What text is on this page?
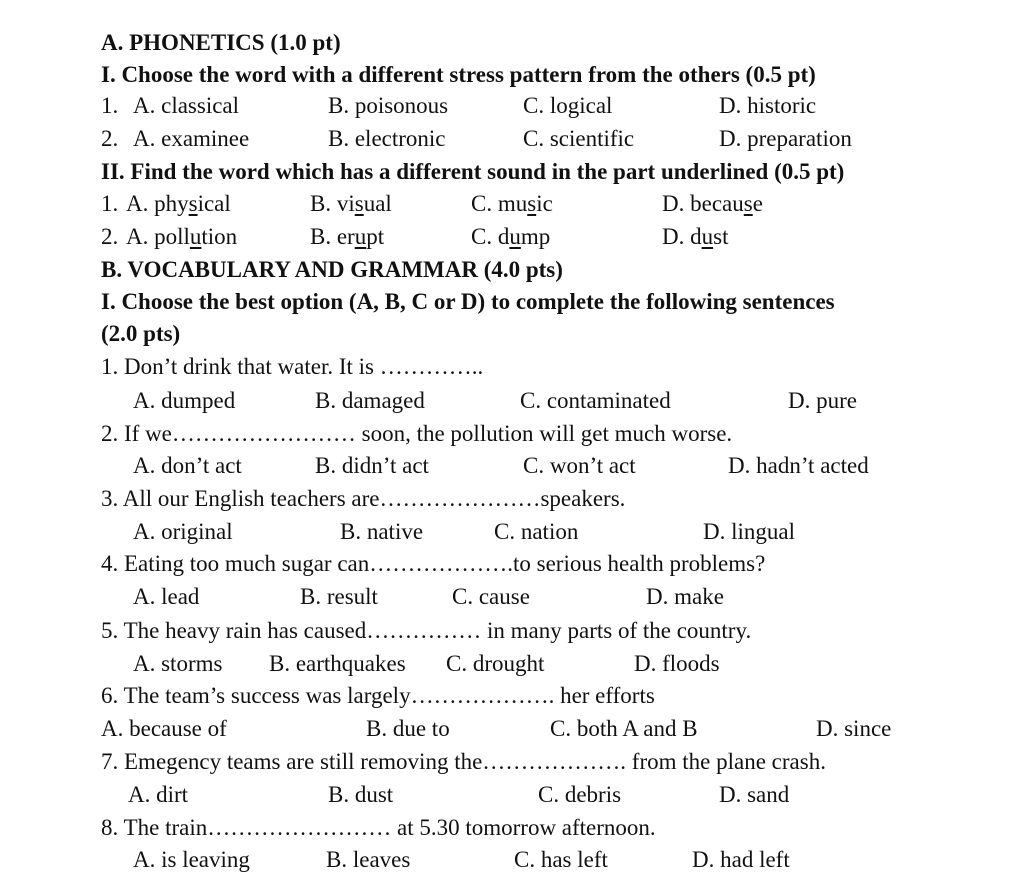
A. PHONETICS (1.0 pt)
I. Choose the word with a different stress pattern from the others (0.5 pt)
1. A. classical	B. poisonous	C. logical	D. historic
2. A. examinee	B. electronic	C. scientific	D. preparation
II. Find the word which has a different sound in the part underlined (0.5 pt)
1. A. physical	B. visual	C. music	D. because
2. A. pollution	B. erupt	C. dump	D. dust
B. VOCABULARY AND GRAMMAR (4.0 pts)
I. Choose the best option (A, B, C or D) to complete the following sentences
(2.0 pts)
1. Don’t drink that water. It is …………..
A. dumped	B. damaged	C. contaminated	D. pure
2. If we…………………… soon, the pollution will get much worse.
A. don’t act	B. didn’t act	C. won’t act	D. hadn’t acted
3. All our English teachers are…………………speakers.
A. original	B. native	C. nation	D. lingual
4. Eating too much sugar can……………….to serious health problems?
A. lead	B. result	C. cause	D. make
5. The heavy rain has caused…………… in many parts of the country.
A. storms B. earthquakes C. drought	D. floods
6. The team’s success was largely………………. her efforts
A. because of	B. due to	C. both A and B	D. since
7. Emegency teams are still removing the………………. from the plane crash.
A. dirt	B. dust	C. debris	D. sand
8. The train…………………… at 5.30 tomorrow afternoon.
A. is leaving	B. leaves	C. has left	D. had left
